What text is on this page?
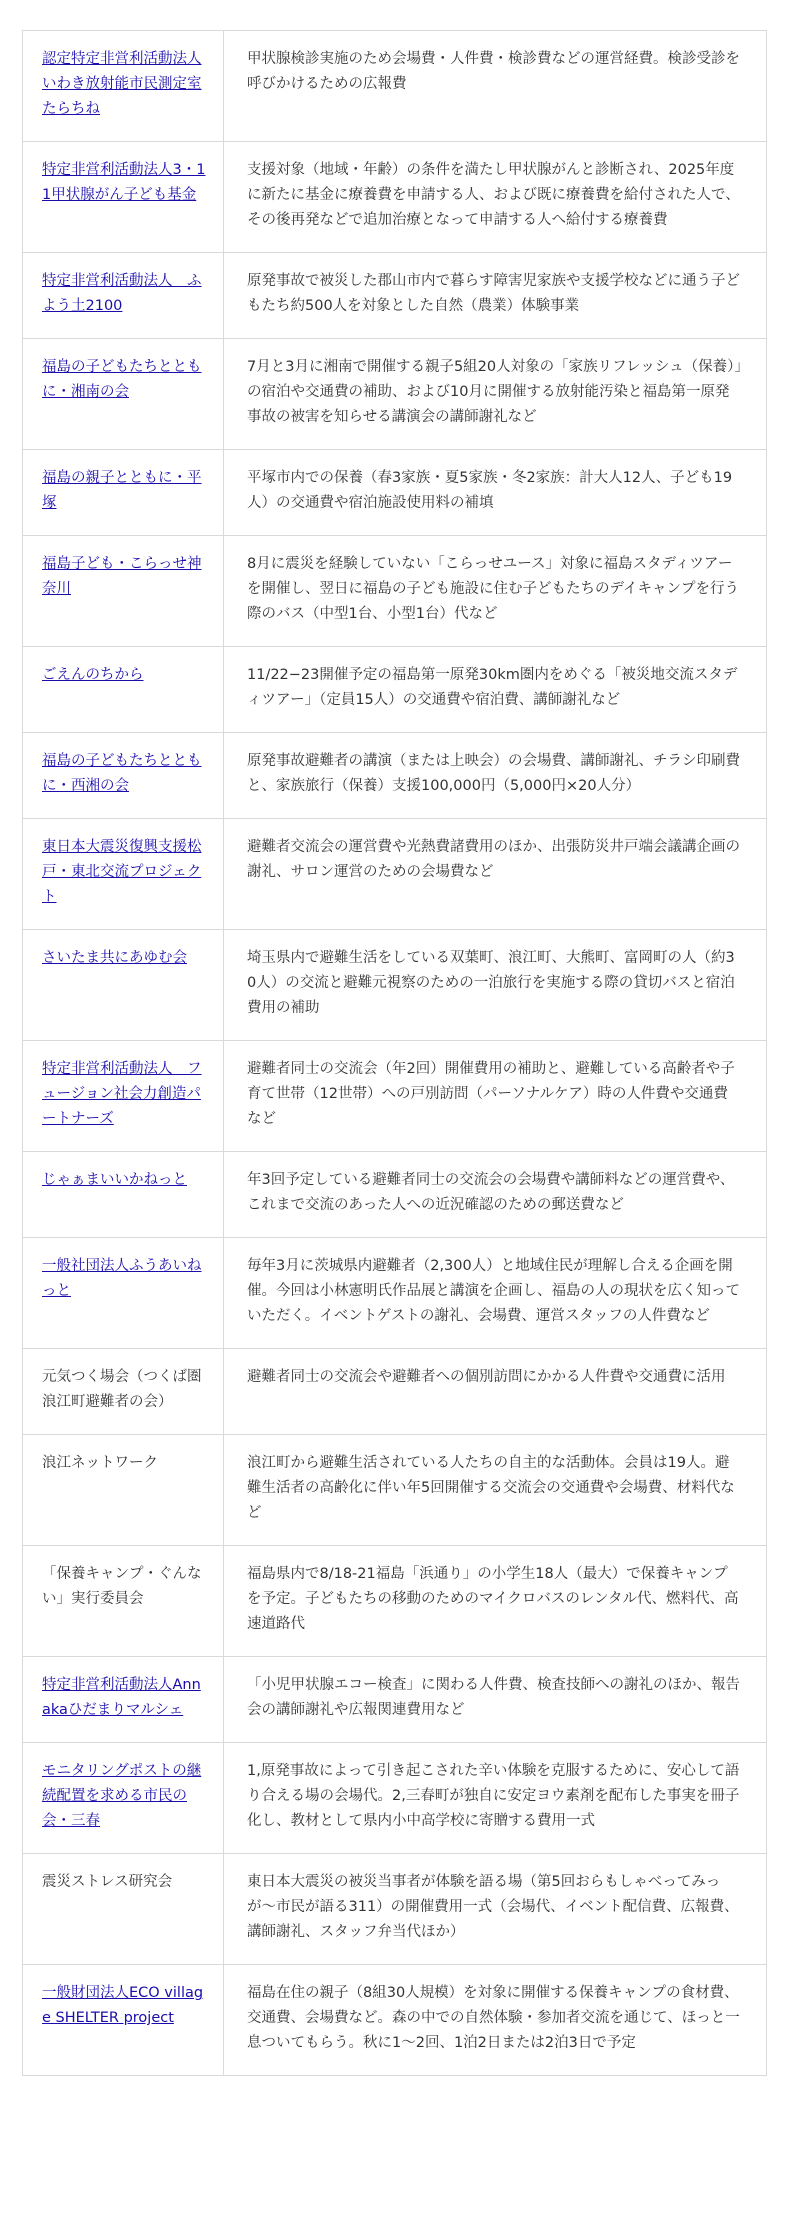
認定特定非営利活動法人いわき放射能市民測定室たらちね	甲状腺検診実施のため会場費・人件費・検診費などの運営経費。検診受診を呼びかけるための広報費
特定非営利活動法人3・11甲状腺がん子ども基金	支援対象（地域・年齢）の条件を満たし甲状腺がんと診断され、2025年度に新たに基金に療養費を申請する人、および既に療養費を給付された人で、その後再発などで追加治療となって申請する人へ給付する療養費
特定非営利活動法人　ふよう土2100	原発事故で被災した郡山市内で暮らす障害児家族や支援学校などに通う子どもたち約500人を対象とした自然（農業）体験事業
福島の子どもたちとともに・湘南の会	7月と3月に湘南で開催する親子5組20人対象の「家族リフレッシュ（保養）」の宿泊や交通費の補助、および10月に開催する放射能汚染と福島第一原発事故の被害を知らせる講演会の講師謝礼など
福島の親子とともに・平塚	平塚市内での保養（春3家族・夏5家族・冬2家族：計大人12人、子ども19人）の交通費や宿泊施設使用料の補填
福島子ども・こらっせ神奈川	8月に震災を経験していない「こらっせユース」対象に福島スタディツアーを開催し、翌日に福島の子ども施設に住む子どもたちのデイキャンプを行う際のバス（中型1台、小型1台）代など
ごえんのちから	11/22−23開催予定の福島第一原発30km圏内をめぐる「被災地交流スタディツアー」（定員15人）の交通費や宿泊費、講師謝礼など
福島の子どもたちとともに・西湘の会	原発事故避難者の講演（または上映会）の会場費、講師謝礼、チラシ印刷費と、家族旅行（保養）支援100,000円（5,000円×20人分）
東日本大震災復興支援松戸・東北交流プロジェクト	避難者交流会の運営費や光熱費諸費用のほか、出張防災井戸端会議講企画の謝礼、サロン運営のための会場費など
さいたま共にあゆむ会	埼玉県内で避難生活をしている双葉町、浪江町、大熊町、富岡町の人（約30人）の交流と避難元視察のための一泊旅行を実施する際の貸切バスと宿泊費用の補助
特定非営利活動法人　フュージョン社会力創造パートナーズ	避難者同士の交流会（年2回）開催費用の補助と、避難している高齢者や子育て世帯（12世帯）への戸別訪問（パーソナルケア）時の人件費や交通費など
じゃぁまいいかねっと	年3回予定している避難者同士の交流会の会場費や講師料などの運営費や、これまで交流のあった人への近況確認のための郵送費など
一般社団法人ふうあいねっと	毎年3月に茨城県内避難者（2,300人）と地域住民が理解し合える企画を開催。今回は小林憲明氏作品展と講演を企画し、福島の人の現状を広く知っていただく。イベントゲストの謝礼、会場費、運営スタッフの人件費など
元気つく場会（つくば圏浪江町避難者の会）	避難者同士の交流会や避難者への個別訪問にかかる人件費や交通費に活用
浪江ネットワーク	浪江町から避難生活されている人たちの自主的な活動体。会員は19人。避難生活者の高齢化に伴い年5回開催する交流会の交通費や会場費、材料代など
「保養キャンプ・ぐんない」実行委員会	福島県内で8/18-21福島「浜通り」の小学生18人（最大）で保養キャンプを予定。子どもたちの移動のためのマイクロバスのレンタル代、燃料代、高速道路代
特定非営利活動法人Annakaひだまりマルシェ	「小児甲状腺エコー検査」に関わる人件費、検査技師への謝礼のほか、報告会の講師謝礼や広報関連費用など
モニタリングポストの継続配置を求める市民の会・三春	1,原発事故によって引き起こされた辛い体験を克服するために、安心して語り合える場の会場代。2,三春町が独自に安定ヨウ素剤を配布した事実を冊子化し、教材として県内小中高学校に寄贈する費用一式
震災ストレス研究会	東日本大震災の被災当事者が体験を語る場（第5回おらもしゃべってみっが〜市民が語る311）の開催費用一式（会場代、イベント配信費、広報費、講師謝礼、スタッフ弁当代ほか）
一般財団法人ECO village SHELTER project	福島在住の親子（8組30人規模）を対象に開催する保養キャンプの食材費、交通費、会場費など。森の中での自然体験・参加者交流を通じて、ほっと一息ついてもらう。秋に1〜2回、1泊2日または2泊3日で予定
